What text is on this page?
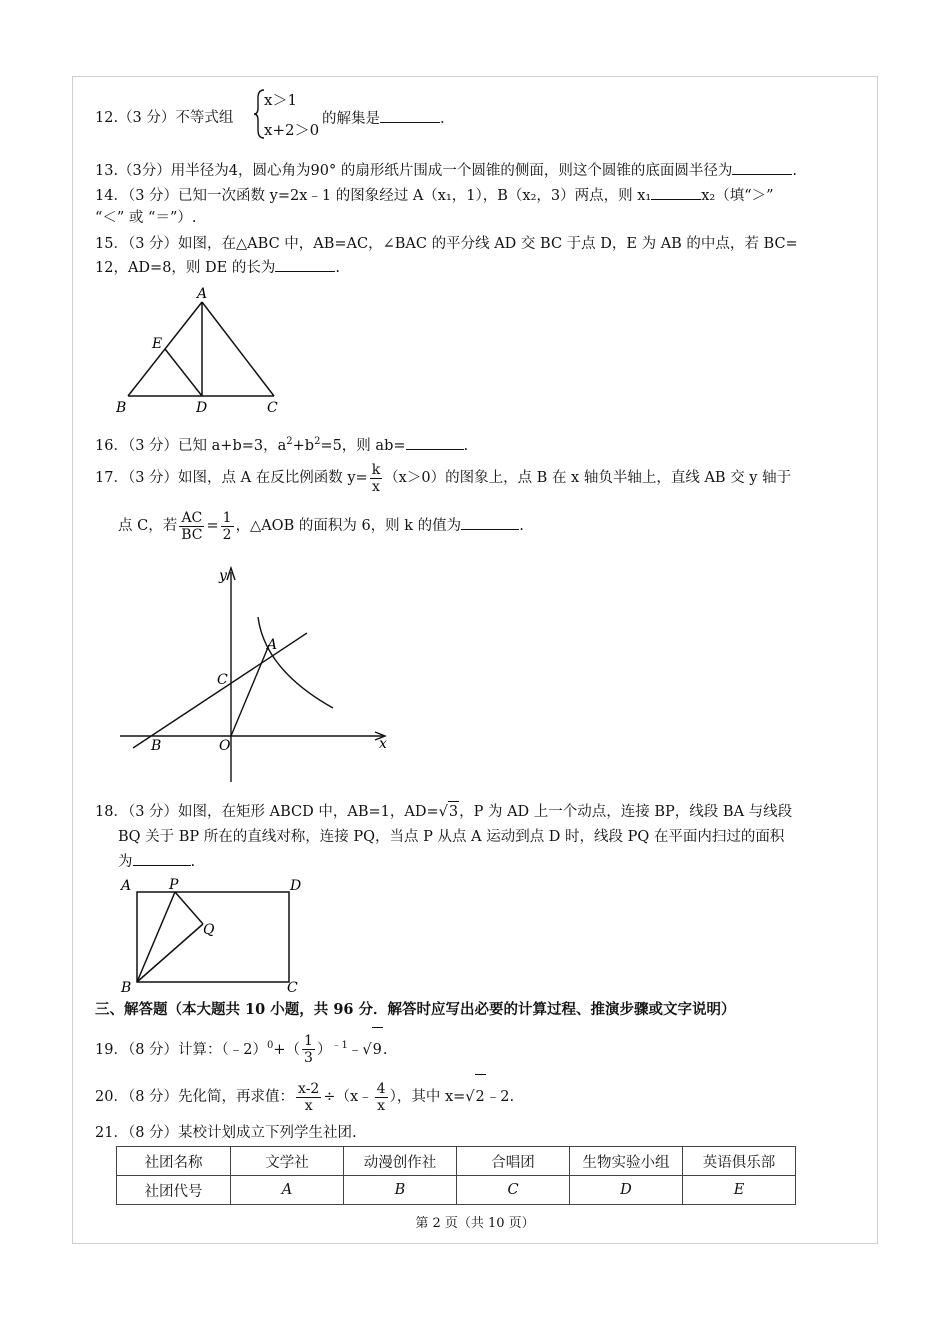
12.（3 分）不等式组
x＞1
x+2＞0
的解集是	.
13.（3分）用半径为4，圆心角为90° 的扇形纸片围成一个圆锥的侧面，则这个圆锥的底面圆半径为	.
14．（3 分）已知一次函数 y=2x﹣1 的图象经过 A（x₁，1），B（x₂，3）两点，则 x₁	x₂（填“＞”
“＜” 或 “＝”）.
15．（3 分）如图，在△ABC 中，AB=AC，∠BAC 的平分线 AD 交 BC 于点 D，E 为 AB 的中点，若 BC=
12，AD=8，则 DE 的长为	.
A
E
B	D	C
16．（3 分）已知 a+b=3，$a^2+b^2=5$，则 ab=	.
17．（3 分）如图，点 A 在反比例函数 $y= \frac{k}{x} (x>0)$的图象上，点 B 在 x 轴负半轴上，直线 AB 交 y 轴于
点 C，若 $\frac{AC}{BC} = \frac{1}{2}$ ，△AOB 的面积为 6，则 k 的值为	.
y
x
A
C
O
B
18．（3 分）如图，在矩形 ABCD 中，AB=1，AD=√3，P 为 AD 上一个动点，连接 BP，线段 BA 与线段
BQ 关于 BP 所在的直线对称，连接 PQ，当点 P 从点 A 运动到点 D 时，线段 PQ 在平面内扫过的面积
为	.
A	P	D
Q
B	C
三、解答题（本大题共 10 小题，共 96 分．解答时应写出必要的计算过程、推演步骤或文字说明）
19．（8 分）计算：（﹣2）$^0$+（ $\frac{1}{3}$ ）$^{﹣1}$﹣√9.
20．（8 分）先化简，再求值： $\frac{x-2}{x}$ ÷（x﹣ $\frac{4}{x}$ ），其中 x=√2﹣2.
21．（8 分）某校计划成立下列学生社团.
社团名称	文学社	动漫创作社	合唱团	生物实验小组	英语俱乐部
社团代号	A	B	C	D	E
第 2 页（共 10 页）
